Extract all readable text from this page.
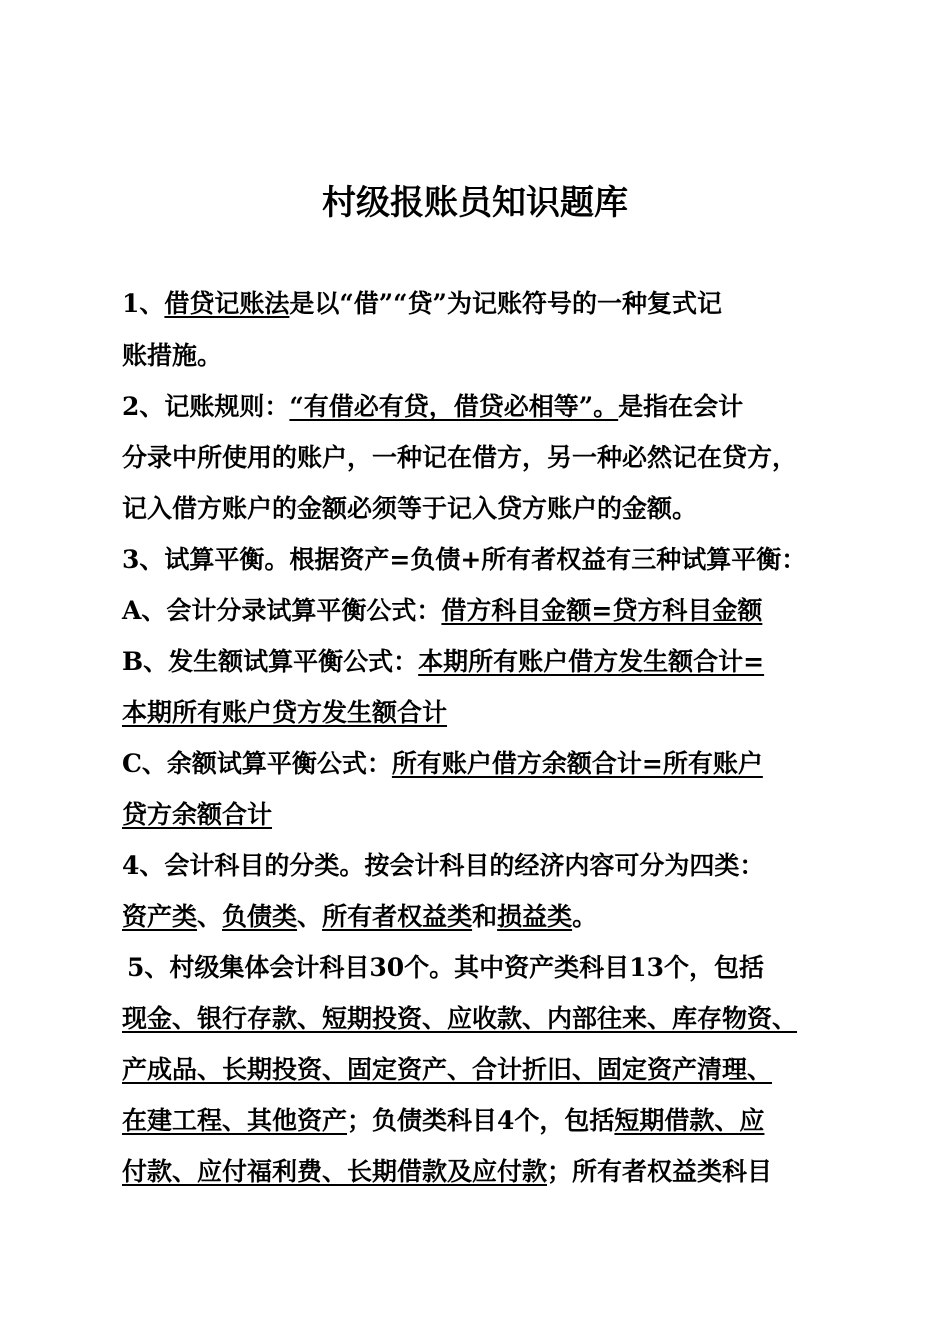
村级报账员知识题库
1、借贷记账法是以“借”“贷”为记账符号的一种复式记
账措施。
2、记账规则：“有借必有贷，借贷必相等”。是指在会计
分录中所使用的账户，一种记在借方，另一种必然记在贷方，
记入借方账户的金额必须等于记入贷方账户的金额。
3、试算平衡。根据资产=负债+所有者权益有三种试算平衡：
A、会计分录试算平衡公式：借方科目金额=贷方科目金额
B、发生额试算平衡公式：本期所有账户借方发生额合计=
本期所有账户贷方发生额合计
C、余额试算平衡公式：所有账户借方余额合计=所有账户
贷方余额合计
4、会计科目的分类。按会计科目的经济内容可分为四类：
资产类、负债类、所有者权益类和损益类。
5、村级集体会计科目30个。其中资产类科目13个，包括
现金、银行存款、短期投资、应收款、内部往来、库存物资、
产成品、长期投资、固定资产、合计折旧、固定资产清理、
在建工程、其他资产；负债类科目4个，包括短期借款、应
付款、应付福利费、长期借款及应付款；所有者权益类科目
